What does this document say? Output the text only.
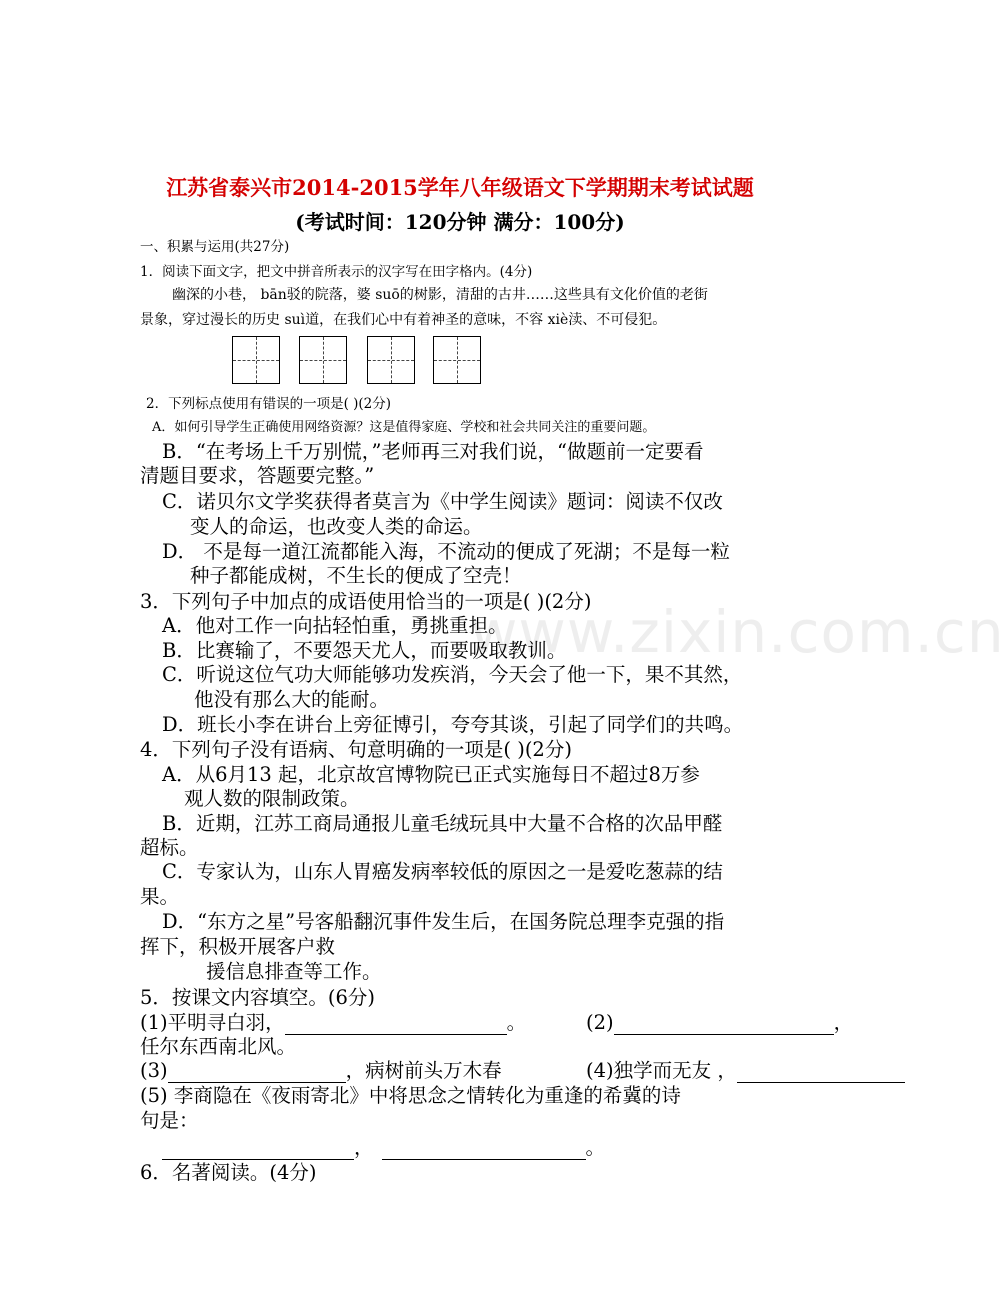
www.zixin.com.cn
江苏省泰兴市2014-2015学年八年级语文下学期期末考试试题
(考试时间：120分钟 满分：100分)
一、积累与运用(共27分)
1．阅读下面文字，把文中拼音所表示的汉字写在田字格内。(4分)
幽深的小巷， bān驳的院落，婆 suō的树影，清甜的古井……这些具有文化价值的老街
景象，穿过漫长的历史 suì道，在我们心中有着神圣的意味，不容 xiè渎、不可侵犯。
2．下列标点使用有错误的一项是( )(2分)
A．如何引导学生正确使用网络资源？这是值得家庭、学校和社会共同关注的重要问题。
B．“在考场上千万别慌，”老师再三对我们说，“做题前一定要看
清题目要求，答题要完整。”
C．诺贝尔文学奖获得者莫言为《中学生阅读》题词：阅读不仅改
变人的命运，也改变人类的命运。
D． 不是每一道江流都能入海，不流动的便成了死湖；不是每一粒
种子都能成树，不生长的便成了空壳！
3．下列句子中加点的成语使用恰当的一项是( )(2分)
A．他对工作一向拈轻怕重，勇挑重担。
B．比赛输了，不要怨天尤人，而要吸取教训。
C．听说这位气功大师能够功发疾消，今天会了他一下，果不其然，
他没有那么大的能耐。
D．班长小李在讲台上旁征博引，夸夸其谈，引起了同学们的共鸣。
4．下列句子没有语病、句意明确的一项是( )(2分)
A．从6月13 起，北京故宫博物院已正式实施每日不超过8万参
观人数的限制政策。
B．近期，江苏工商局通报儿童毛绒玩具中大量不合格的次品甲醛
超标。
C．专家认为，山东人胃癌发病率较低的原因之一是爱吃葱蒜的结
果。
D．“东方之星”号客船翻沉事件发生后，在国务院总理李克强的指
挥下，积极开展客户救
援信息排查等工作。
5．按课文内容填空。(6分)
(1)平明寻白羽，	。	(2)	，
任尔东西南北风。
(3)	，病树前头万木春	(4)独学而无友 ，
(5) 李商隐在《夜雨寄北》中将思念之情转化为重逢的希冀的诗
句是：
，	。
6．名著阅读。(4分)
